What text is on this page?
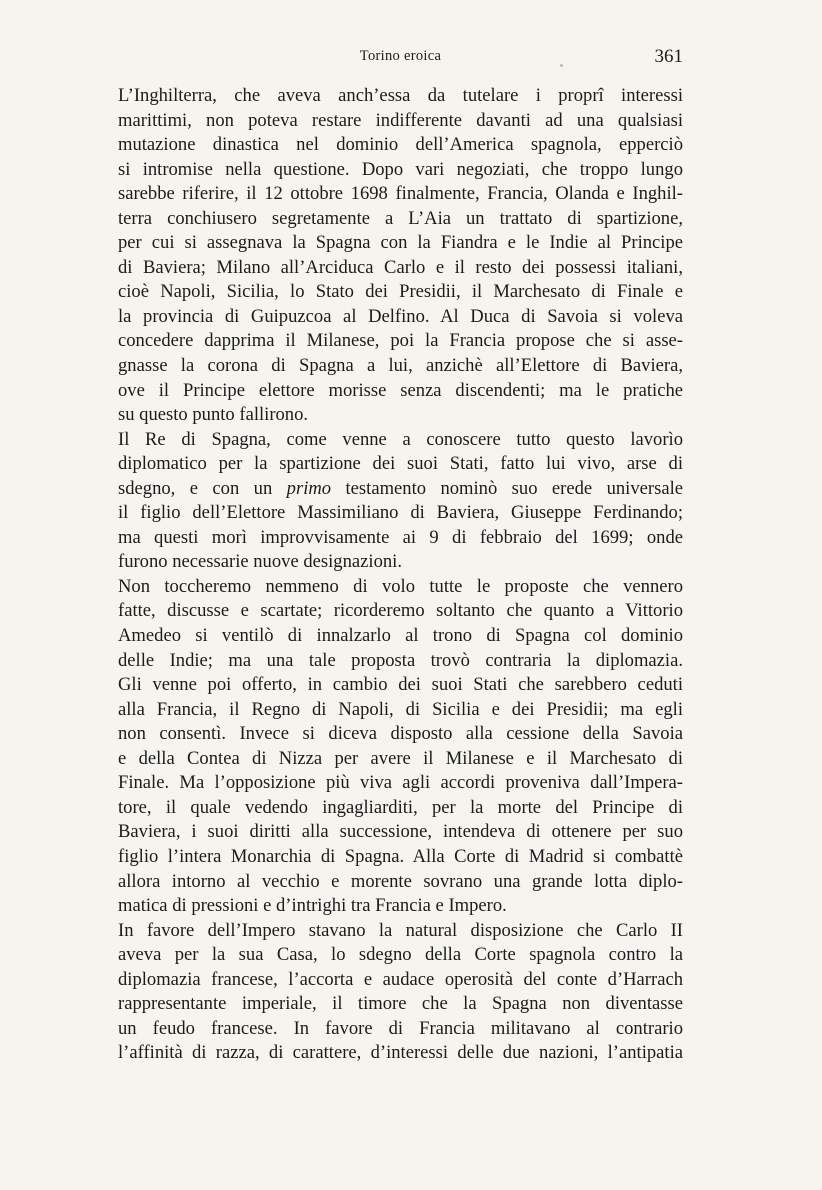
Torino eroica	361
L’Inghilterra, che aveva anch’essa da tutelare i proprî interessi
marittimi, non poteva restare indifferente davanti ad una qualsiasi
mutazione dinastica nel dominio dell’America spagnola, epperciò
si intromise nella questione. Dopo vari negoziati, che troppo lungo
sarebbe riferire, il 12 ottobre 1698 finalmente, Francia, Olanda e Inghil-
terra conchiusero segretamente a L’Aia un trattato di spartizione,
per cui si assegnava la Spagna con la Fiandra e le Indie al Principe
di Baviera; Milano all’Arciduca Carlo e il resto dei possessi italiani,
cioè Napoli, Sicilia, lo Stato dei Presidii, il Marchesato di Finale e
la provincia di Guipuzcoa al Delfino. Al Duca di Savoia si voleva
concedere dapprima il Milanese, poi la Francia propose che si asse-
gnasse la corona di Spagna a lui, anzichè all’Elettore di Baviera,
ove il Principe elettore morisse senza discendenti; ma le pratiche
su questo punto fallirono.
Il Re di Spagna, come venne a conoscere tutto questo lavorìo
diplomatico per la spartizione dei suoi Stati, fatto lui vivo, arse di
sdegno, e con un primo testamento nominò suo erede universale
il figlio dell’Elettore Massimiliano di Baviera, Giuseppe Ferdinando;
ma questi morì improvvisamente ai 9 di febbraio del 1699; onde
furono necessarie nuove designazioni.
Non toccheremo nemmeno di volo tutte le proposte che vennero
fatte, discusse e scartate; ricorderemo soltanto che quanto a Vittorio
Amedeo si ventilò di innalzarlo al trono di Spagna col dominio
delle Indie; ma una tale proposta trovò contraria la diplomazia.
Gli venne poi offerto, in cambio dei suoi Stati che sarebbero ceduti
alla Francia, il Regno di Napoli, di Sicilia e dei Presidii; ma egli
non consentì. Invece si diceva disposto alla cessione della Savoia
e della Contea di Nizza per avere il Milanese e il Marchesato di
Finale. Ma l’opposizione più viva agli accordi proveniva dall’Impera-
tore, il quale vedendo ingagliarditi, per la morte del Principe di
Baviera, i suoi diritti alla successione, intendeva di ottenere per suo
figlio l’intera Monarchia di Spagna. Alla Corte di Madrid si combattè
allora intorno al vecchio e morente sovrano una grande lotta diplo-
matica di pressioni e d’intrighi tra Francia e Impero.
In favore dell’Impero stavano la natural disposizione che Carlo II
aveva per la sua Casa, lo sdegno della Corte spagnola contro la
diplomazia francese, l’accorta e audace operosità del conte d’Harrach
rappresentante imperiale, il timore che la Spagna non diventasse
un feudo francese. In favore di Francia militavano al contrario
l’affinità di razza, di carattere, d’interessi delle due nazioni, l’antipatia
